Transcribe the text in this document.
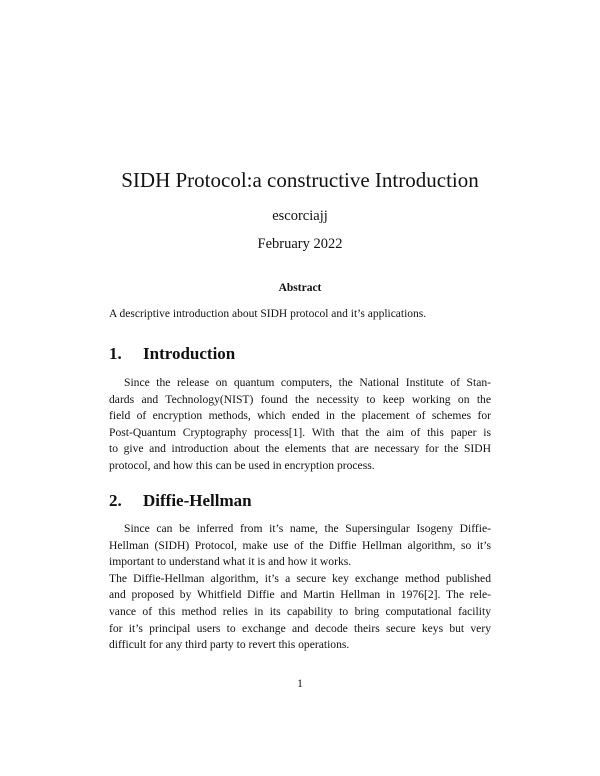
SIDH Protocol:a constructive Introduction
escorciajj
February 2022
Abstract
A descriptive introduction about SIDH protocol and it’s applications.
1. Introduction
Since the release on quantum computers, the National Institute of Stan-
dards and Technology(NIST) found the necessity to keep working on the
field of encryption methods, which ended in the placement of schemes for
Post-Quantum Cryptography process[1]. With that the aim of this paper is
to give and introduction about the elements that are necessary for the SIDH
protocol, and how this can be used in encryption process.
2. Diffie-Hellman
Since can be inferred from it’s name, the Supersingular Isogeny Diffie-
Hellman (SIDH) Protocol, make use of the Diffie Hellman algorithm, so it’s
important to understand what it is and how it works.
The Diffie-Hellman algorithm, it’s a secure key exchange method published
and proposed by Whitfield Diffie and Martin Hellman in 1976[2]. The rele-
vance of this method relies in its capability to bring computational facility
for it’s principal users to exchange and decode theirs secure keys but very
difficult for any third party to revert this operations.
1
